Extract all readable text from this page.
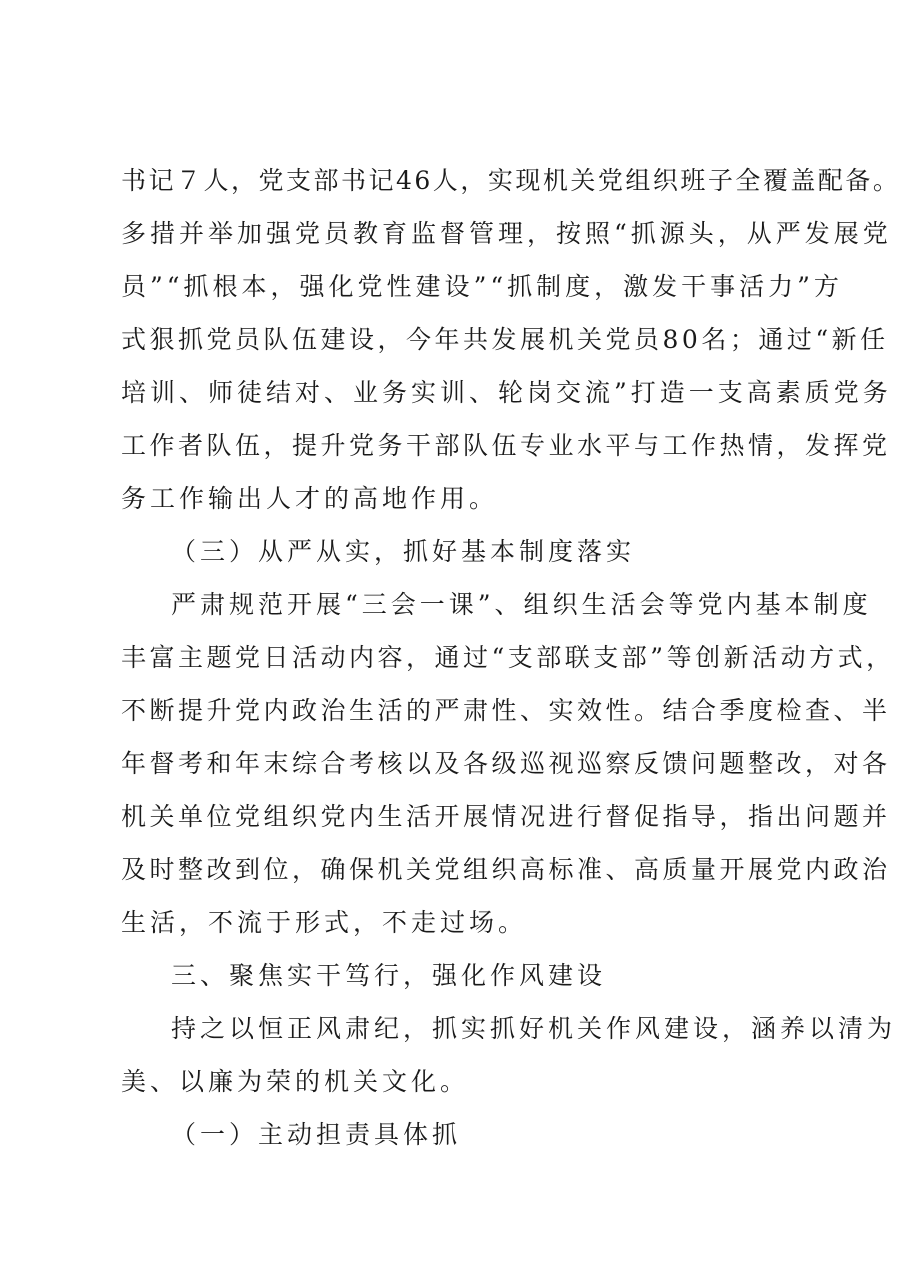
书记７人，党支部书记46人，实现机关党组织班子全覆盖配备。
多措并举加强党员教育监督管理，按照“抓源头，从严发展党
员”“抓根本，强化党性建设”“抓制度，激发干事活力”方
式狠抓党员队伍建设，今年共发展机关党员80名；通过“新任
培训、师徒结对、业务实训、轮岗交流”打造一支高素质党务
工作者队伍，提升党务干部队伍专业水平与工作热情，发挥党
务工作输出人才的高地作用。
（三）从严从实，抓好基本制度落实
严肃规范开展“三会一课”、组织生活会等党内基本制度
丰富主题党日活动内容，通过“支部联支部”等创新活动方式，
不断提升党内政治生活的严肃性、实效性。结合季度检查、半
年督考和年末综合考核以及各级巡视巡察反馈问题整改，对各
机关单位党组织党内生活开展情况进行督促指导，指出问题并
及时整改到位，确保机关党组织高标准、高质量开展党内政治
生活，不流于形式，不走过场。
三、聚焦实干笃行，强化作风建设
持之以恒正风肃纪，抓实抓好机关作风建设，涵养以清为
美、以廉为荣的机关文化。
（一）主动担责具体抓
